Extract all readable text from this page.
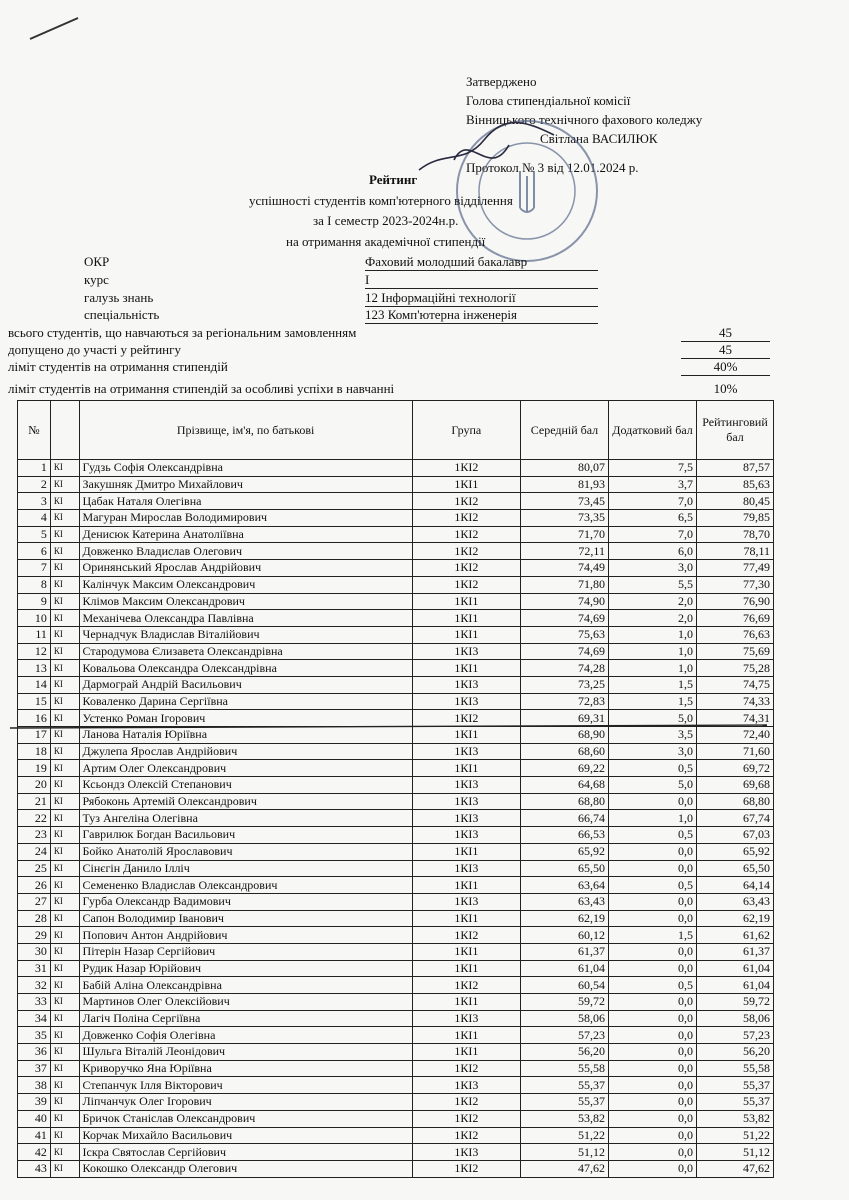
Затверджено
Голова стипендіальної комісії
Вінницького технічного фахового коледжу
Світлана ВАСИЛЮК
Протокол № 3 від 12.01.2024 р.
Рейтинг
успішності студентів комп'ютерного відділення
за І семестр 2023-2024н.р.
на отримання академічної стипендії
ОКР	Фаховий молодший бакалавр
курс	I
галузь знань	12 Інформаційні технології
спеціальність	123 Комп'ютерна інженерія
всього студентів, що навчаються за регіональним замовленням	45
допущено до участі у рейтингу	45
ліміт студентів на отримання стипендій	40%
ліміт студентів на отримання стипендій за особливі успіхи в навчанні	10%
№		Прізвище, ім'я, по батькові	Група	Середній бал	Додатковий бал	Рейтинговий бал
1	КІ	Гудзь Софія Олександрівна	1КІ2	80,07	7,5	87,57
2	КІ	Закушняк Дмитро Михайлович	1КІ1	81,93	3,7	85,63
3	КІ	Цабак Наталя Олегівна	1КІ2	73,45	7,0	80,45
4	КІ	Магуран Мирослав Володимирович	1КІ2	73,35	6,5	79,85
5	КІ	Денисюк Катерина Анатоліївна	1КІ2	71,70	7,0	78,70
6	КІ	Довженко Владислав Олегович	1КІ2	72,11	6,0	78,11
7	КІ	Оринянський Ярослав Андрійович	1КІ2	74,49	3,0	77,49
8	КІ	Калінчук Максим Олександрович	1КІ2	71,80	5,5	77,30
9	КІ	Клімов Максим Олександрович	1КІ1	74,90	2,0	76,90
10	КІ	Механічева Олександра Павлівна	1КІ1	74,69	2,0	76,69
11	КІ	Чернадчук Владислав Віталійович	1КІ1	75,63	1,0	76,63
12	КІ	Стародумова Єлизавета Олександрівна	1КІ3	74,69	1,0	75,69
13	КІ	Ковальова Олександра Олександрівна	1КІ1	74,28	1,0	75,28
14	КІ	Дармограй Андрій Васильович	1КІ3	73,25	1,5	74,75
15	КІ	Коваленко Дарина Сергіївна	1КІ3	72,83	1,5	74,33
16	КІ	Устенко Роман Ігорович	1КІ2	69,31	5,0	74,31
17	КІ	Ланова Наталія Юріївна	1КІ1	68,90	3,5	72,40
18	КІ	Джулепа Ярослав Андрійович	1КІ3	68,60	3,0	71,60
19	КІ	Артим Олег Олександрович	1КІ1	69,22	0,5	69,72
20	КІ	Ксьондз Олексій Степанович	1КІ3	64,68	5,0	69,68
21	КІ	Рябоконь Артемій Олександрович	1КІ3	68,80	0,0	68,80
22	КІ	Туз Ангеліна Олегівна	1КІ3	66,74	1,0	67,74
23	КІ	Гаврилюк Богдан Васильович	1КІ3	66,53	0,5	67,03
24	КІ	Бойко Анатолій Ярославович	1КІ1	65,92	0,0	65,92
25	КІ	Сінєгін Данило Ілліч	1КІ3	65,50	0,0	65,50
26	КІ	Семененко Владислав Олександрович	1КІ1	63,64	0,5	64,14
27	КІ	Гурба Олександр Вадимович	1КІ3	63,43	0,0	63,43
28	КІ	Сапон Володимир Іванович	1КІ1	62,19	0,0	62,19
29	КІ	Попович Антон Андрійович	1КІ2	60,12	1,5	61,62
30	КІ	Пітерін Назар Сергійович	1КІ1	61,37	0,0	61,37
31	КІ	Рудик Назар Юрійович	1КІ1	61,04	0,0	61,04
32	КІ	Бабій Аліна Олександрівна	1КІ2	60,54	0,5	61,04
33	КІ	Мартинов Олег Олексійович	1КІ1	59,72	0,0	59,72
34	КІ	Лагіч Поліна Сергіївна	1КІ3	58,06	0,0	58,06
35	КІ	Довженко Софія Олегівна	1КІ1	57,23	0,0	57,23
36	КІ	Шульга Віталій Леонідович	1КІ1	56,20	0,0	56,20
37	КІ	Криворучко Яна Юріївна	1КІ2	55,58	0,0	55,58
38	КІ	Степанчук Ілля Вікторович	1КІ3	55,37	0,0	55,37
39	КІ	Ліпчанчук Олег Ігорович	1КІ2	55,37	0,0	55,37
40	КІ	Бричок Станіслав Олександрович	1КІ2	53,82	0,0	53,82
41	КІ	Корчак Михайло Васильович	1КІ2	51,22	0,0	51,22
42	КІ	Іскра Святослав Сергійович	1КІ3	51,12	0,0	51,12
43	КІ	Кокошко Олександр Олегович	1КІ2	47,62	0,0	47,62
